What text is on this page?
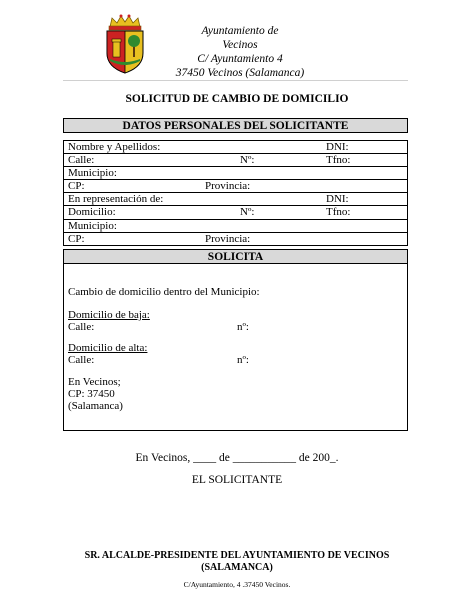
Ayuntamiento de
Vecinos
C/ Ayuntamiento 4
37450 Vecinos (Salamanca)
SOLICITUD DE CAMBIO DE DOMICILIO
DATOS PERSONALES DEL SOLICITANTE
Nombre y Apellidos:	DNI:
Calle:	Nº:	Tfno:
Municipio:
CP:	Provincia:
En representación de:	DNI:
Domicilio:	Nº:	Tfno:
Municipio:
CP:	Provincia:
SOLICITA
Cambio de domicilio dentro del Municipio:
Domicilio de baja:
Calle:	nº:
Domicilio de alta:
Calle:	nº:
En Vecinos;
CP: 37450
(Salamanca)
En Vecinos, ____ de ___________ de 200_.
EL SOLICITANTE
SR. ALCALDE-PRESIDENTE DEL AYUNTAMIENTO DE VECINOS
(SALAMANCA)
C/Ayuntamiento, 4 .37450 Vecinos.
